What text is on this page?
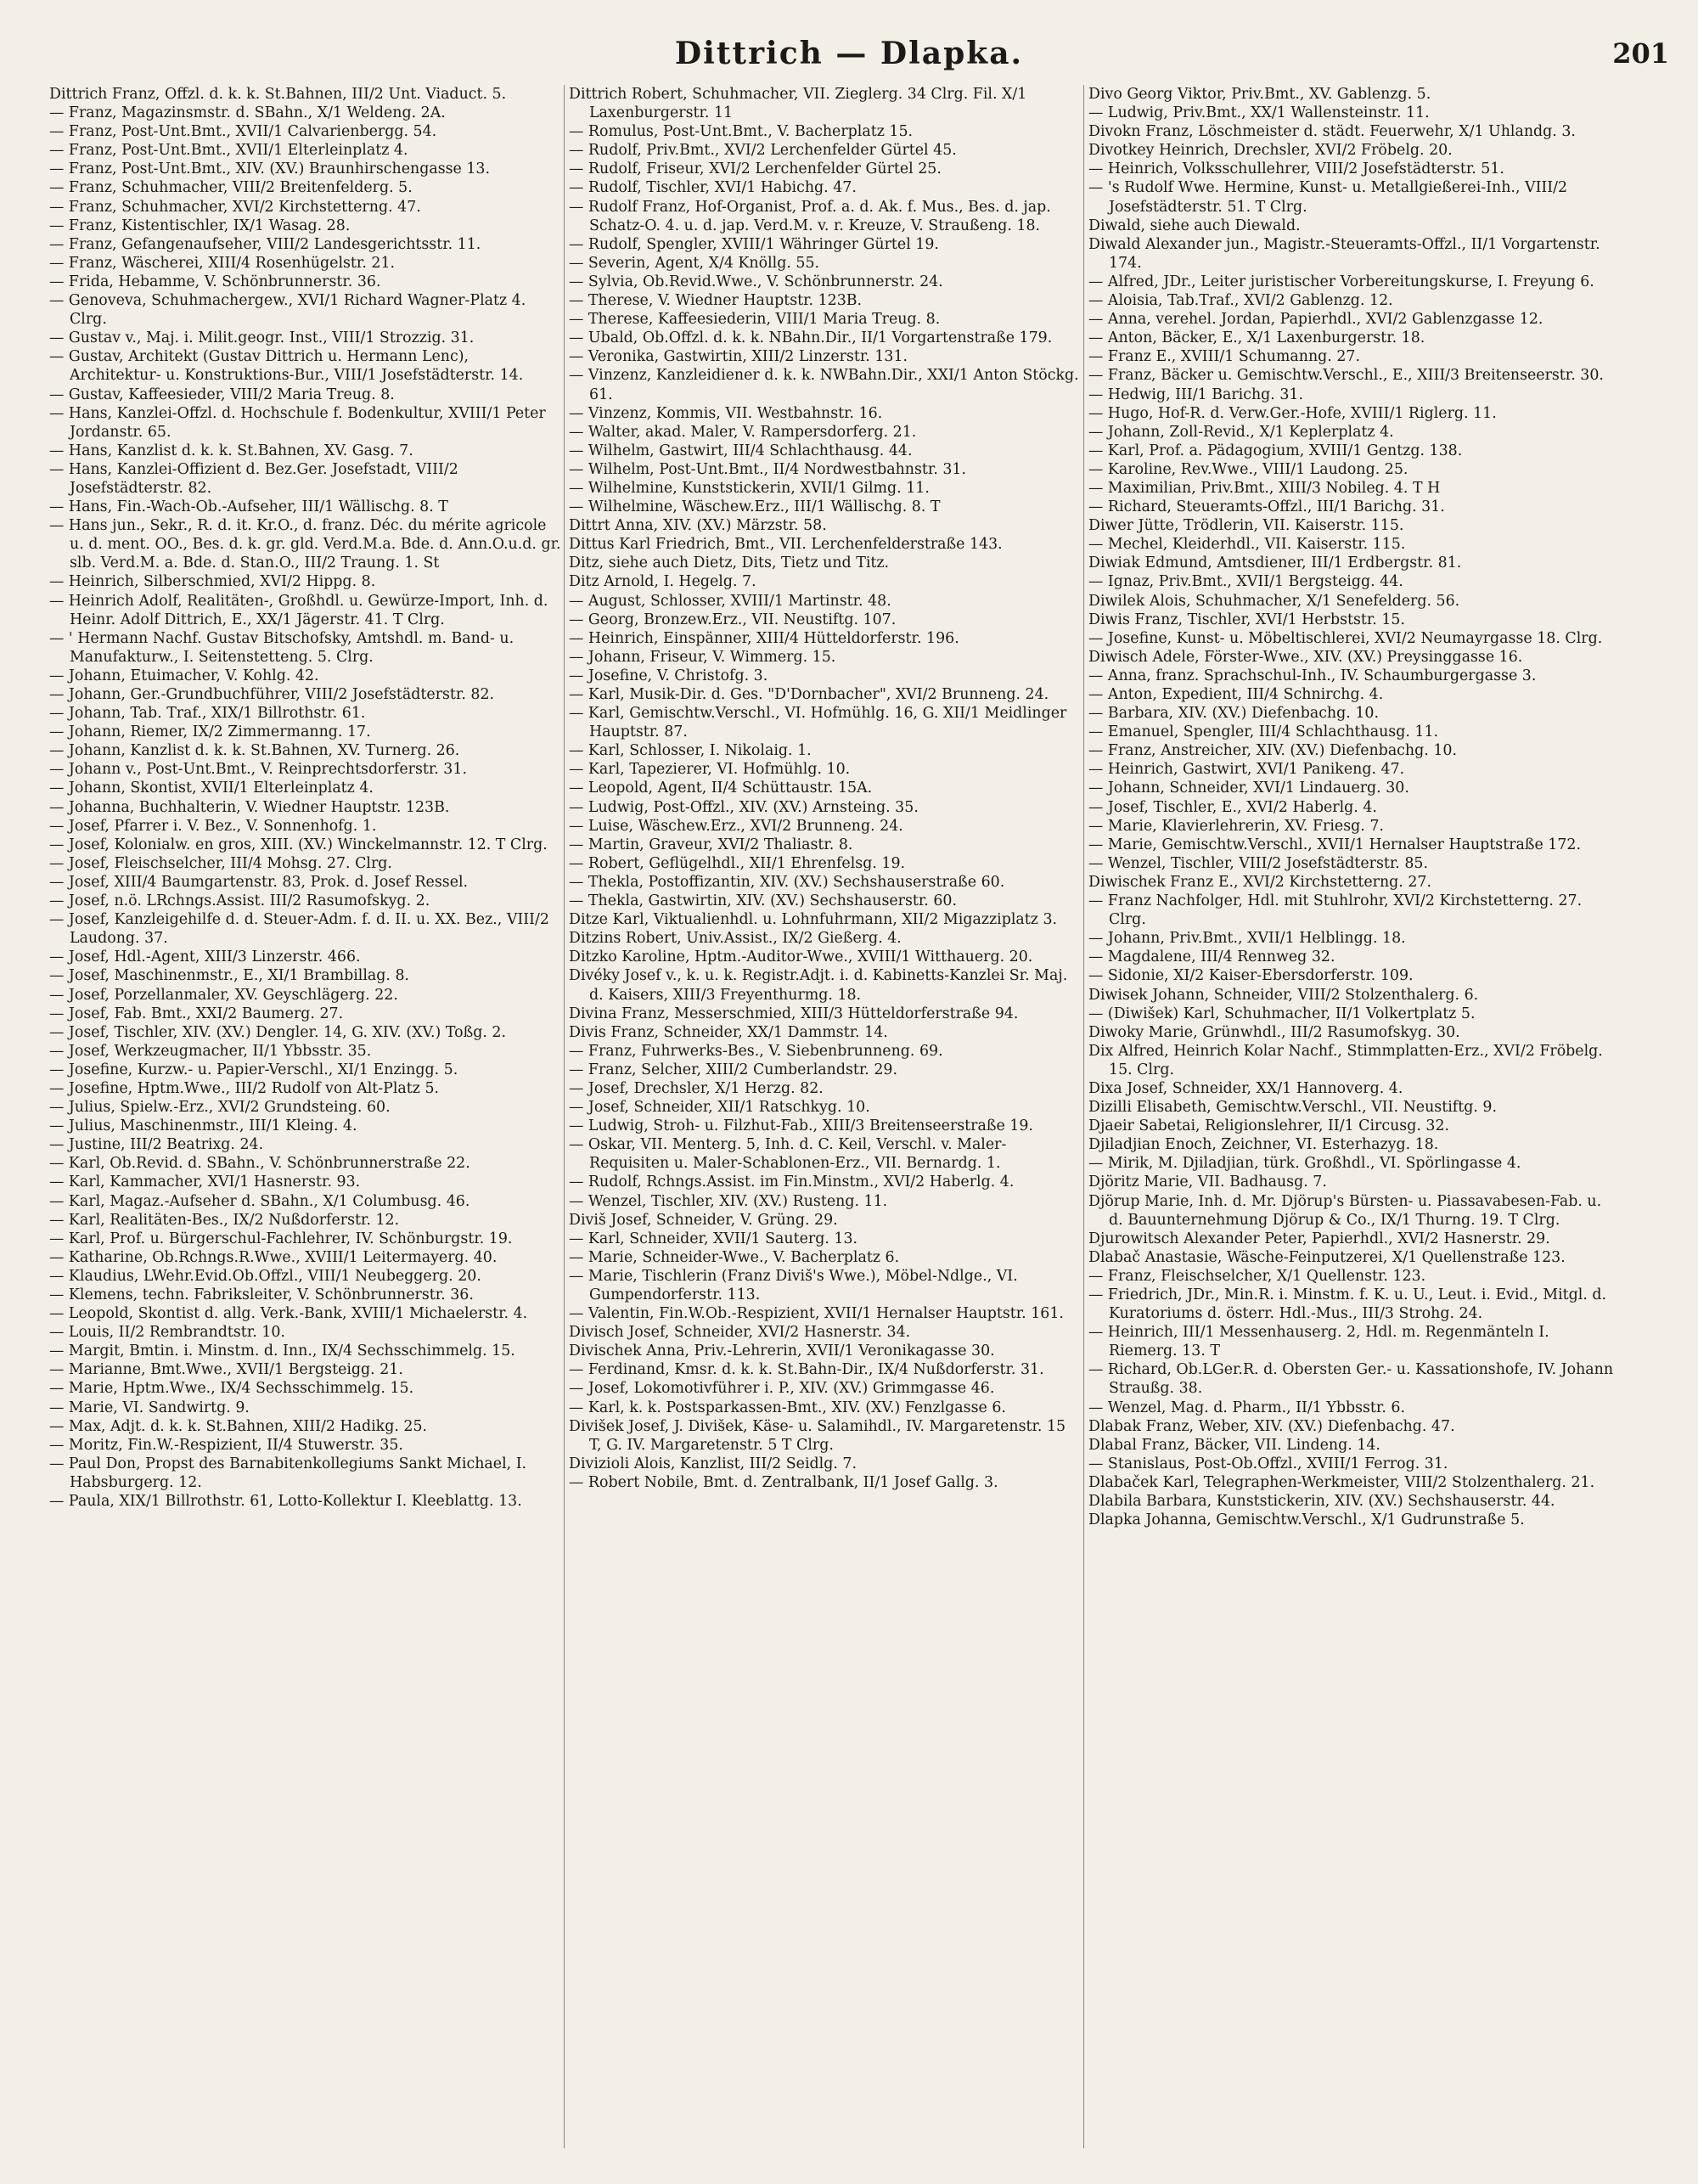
Dittrich — Dlapka.	201
Dittrich Franz, Offzl. d. k. k. St.Bahnen, III/2 Unt. Viaduct. 5.
— Franz, Magazinsmstr. d. SBahn., X/1 Weldeng. 2A.
— Franz, Post-Unt.Bmt., XVII/1 Calvarienbergg. 54.
— Franz, Post-Unt.Bmt., XVII/1 Elterleinplatz 4.
— Franz, Post-Unt.Bmt., XIV. (XV.) Braunhirschengasse 13.
— Franz, Schuhmacher, VIII/2 Breitenfelderg. 5.
— Franz, Schuhmacher, XVI/2 Kirchstetterng. 47.
— Franz, Kistentischler, IX/1 Wasag. 28.
— Franz, Gefangenaufseher, VIII/2 Landesgerichtsstr. 11.
— Franz, Wäscherei, XIII/4 Rosenhügelstr. 21.
— Frida, Hebamme, V. Schönbrunnerstr. 36.
— Genoveva, Schuhmachergew., XVI/1 Richard Wagner-Platz 4. Clrg.
— Gustav v., Maj. i. Milit.geogr. Inst., VIII/1 Strozzig. 31.
— Gustav, Architekt (Gustav Dittrich u. Hermann Lenc), Architektur- u. Konstruktions-Bur., VIII/1 Josefstädterstr. 14.
— Gustav, Kaffeesieder, VIII/2 Maria Treug. 8.
— Hans, Kanzlei-Offzl. d. Hochschule f. Bodenkultur, XVIII/1 Peter Jordanstr. 65.
— Hans, Kanzlist d. k. k. St.Bahnen, XV. Gasg. 7.
— Hans, Kanzlei-Offizient d. Bez.Ger. Josefstadt, VIII/2 Josefstädterstr. 82.
— Hans, Fin.-Wach-Ob.-Aufseher, III/1 Wällischg. 8. T
— Hans jun., Sekr., R. d. it. Kr.O., d. franz. Déc. du mérite agricole u. d. ment. OO., Bes. d. k. gr. gld. Verd.M.a. Bde. d. Ann.O.u.d. gr. slb. Verd.M. a. Bde. d. Stan.O., III/2 Traung. 1. St
— Heinrich, Silberschmied, XVI/2 Hippg. 8.
— Heinrich Adolf, Realitäten-, Großhdl. u. Gewürze-Import, Inh. d. Heinr. Adolf Dittrich, E., XX/1 Jägerstr. 41. T Clrg.
— ' Hermann Nachf. Gustav Bitschofsky, Amtshdl. m. Band- u. Manufakturw., I. Seitenstetteng. 5. Clrg.
— Johann, Etuimacher, V. Kohlg. 42.
— Johann, Ger.-Grundbuchführer, VIII/2 Josefstädterstr. 82.
— Johann, Tab. Traf., XIX/1 Billrothstr. 61.
— Johann, Riemer, IX/2 Zimmermanng. 17.
— Johann, Kanzlist d. k. k. St.Bahnen, XV. Turnerg. 26.
— Johann v., Post-Unt.Bmt., V. Reinprechtsdorferstr. 31.
— Johann, Skontist, XVII/1 Elterleinplatz 4.
— Johanna, Buchhalterin, V. Wiedner Hauptstr. 123B.
— Josef, Pfarrer i. V. Bez., V. Sonnenhofg. 1.
— Josef, Kolonialw. en gros, XIII. (XV.) Winckelmannstr. 12. T Clrg.
— Josef, Fleischselcher, III/4 Mohsg. 27. Clrg.
— Josef, XIII/4 Baumgartenstr. 83, Prok. d. Josef Ressel.
— Josef, n.ö. LRchngs.Assist. III/2 Rasumofskyg. 2.
— Josef, Kanzleigehilfe d. d. Steuer-Adm. f. d. II. u. XX. Bez., VIII/2 Laudong. 37.
— Josef, Hdl.-Agent, XIII/3 Linzerstr. 466.
— Josef, Maschinenmstr., E., XI/1 Brambillag. 8.
— Josef, Porzellanmaler, XV. Geyschlägerg. 22.
— Josef, Fab. Bmt., XXI/2 Baumerg. 27.
— Josef, Tischler, XIV. (XV.) Dengler. 14, G. XIV. (XV.) Toßg. 2.
— Josef, Werkzeugmacher, II/1 Ybbsstr. 35.
— Josefine, Kurzw.- u. Papier-Verschl., XI/1 Enzingg. 5.
— Josefine, Hptm.Wwe., III/2 Rudolf von Alt-Platz 5.
— Julius, Spielw.-Erz., XVI/2 Grundsteing. 60.
— Julius, Maschinenmstr., III/1 Kleing. 4.
— Justine, III/2 Beatrixg. 24.
— Karl, Ob.Revid. d. SBahn., V. Schönbrunnerstraße 22.
— Karl, Kammacher, XVI/1 Hasnerstr. 93.
— Karl, Magaz.-Aufseher d. SBahn., X/1 Columbusg. 46.
— Karl, Realitäten-Bes., IX/2 Nußdorferstr. 12.
— Karl, Prof. u. Bürgerschul-Fachlehrer, IV. Schönburgstr. 19.
— Katharine, Ob.Rchngs.R.Wwe., XVIII/1 Leitermayerg. 40.
— Klaudius, LWehr.Evid.Ob.Offzl., VIII/1 Neubeggerg. 20.
— Klemens, techn. Fabriksleiter, V. Schönbrunnerstr. 36.
— Leopold, Skontist d. allg. Verk.-Bank, XVIII/1 Michaelerstr. 4.
— Louis, II/2 Rembrandtstr. 10.
— Margit, Bmtin. i. Minstm. d. Inn., IX/4 Sechsschimmelg. 15.
— Marianne, Bmt.Wwe., XVII/1 Bergsteigg. 21.
— Marie, Hptm.Wwe., IX/4 Sechsschimmelg. 15.
— Marie, VI. Sandwirtg. 9.
— Max, Adjt. d. k. k. St.Bahnen, XIII/2 Hadikg. 25.
— Moritz, Fin.W.-Respizient, II/4 Stuwerstr. 35.
— Paul Don, Propst des Barnabitenkollegiums Sankt Michael, I. Habsburgerg. 12.
— Paula, XIX/1 Billrothstr. 61, Lotto-Kollektur I. Kleeblattg. 13.
Dittrich Robert, Schuhmacher, VII. Zieglerg. 34 Clrg. Fil. X/1 Laxenburgerstr. 11
— Romulus, Post-Unt.Bmt., V. Bacherplatz 15.
— Rudolf, Priv.Bmt., XVI/2 Lerchenfelder Gürtel 45.
— Rudolf, Friseur, XVI/2 Lerchenfelder Gürtel 25.
— Rudolf, Tischler, XVI/1 Habichg. 47.
— Rudolf Franz, Hof-Organist, Prof. a. d. Ak. f. Mus., Bes. d. jap. Schatz-O. 4. u. d. jap. Verd.M. v. r. Kreuze, V. Straußeng. 18.
— Rudolf, Spengler, XVIII/1 Währinger Gürtel 19.
— Severin, Agent, X/4 Knöllg. 55.
— Sylvia, Ob.Revid.Wwe., V. Schönbrunnerstr. 24.
— Therese, V. Wiedner Hauptstr. 123B.
— Therese, Kaffeesiederin, VIII/1 Maria Treug. 8.
— Ubald, Ob.Offzl. d. k. k. NBahn.Dir., II/1 Vorgartenstraße 179.
— Veronika, Gastwirtin, XIII/2 Linzerstr. 131.
— Vinzenz, Kanzleidiener d. k. k. NWBahn.Dir., XXI/1 Anton Stöckg. 61.
— Vinzenz, Kommis, VII. Westbahnstr. 16.
— Walter, akad. Maler, V. Rampersdorferg. 21.
— Wilhelm, Gastwirt, III/4 Schlachthausg. 44.
— Wilhelm, Post-Unt.Bmt., II/4 Nordwestbahnstr. 31.
— Wilhelmine, Kunststickerin, XVII/1 Gilmg. 11.
— Wilhelmine, Wäschew.Erz., III/1 Wällischg. 8. T
Dittrt Anna, XIV. (XV.) Märzstr. 58.
Dittus Karl Friedrich, Bmt., VII. Lerchenfelderstraße 143.
Ditz, siehe auch Dietz, Dits, Tietz und Titz.
Ditz Arnold, I. Hegelg. 7.
— August, Schlosser, XVIII/1 Martinstr. 48.
— Georg, Bronzew.Erz., VII. Neustiftg. 107.
— Heinrich, Einspänner, XIII/4 Hütteldorferstr. 196.
— Johann, Friseur, V. Wimmerg. 15.
— Josefine, V. Christofg. 3.
— Karl, Musik-Dir. d. Ges. "D'Dornbacher", XVI/2 Brunneng. 24.
— Karl, Gemischtw.Verschl., VI. Hofmühlg. 16, G. XII/1 Meidlinger Hauptstr. 87.
— Karl, Schlosser, I. Nikolaig. 1.
— Karl, Tapezierer, VI. Hofmühlg. 10.
— Leopold, Agent, II/4 Schüttaustr. 15A.
— Ludwig, Post-Offzl., XIV. (XV.) Arnsteing. 35.
— Luise, Wäschew.Erz., XVI/2 Brunneng. 24.
— Martin, Graveur, XVI/2 Thaliastr. 8.
— Robert, Geflügelhdl., XII/1 Ehrenfelsg. 19.
— Thekla, Postoffizantin, XIV. (XV.) Sechshauserstraße 60.
— Thekla, Gastwirtin, XIV. (XV.) Sechshauserstr. 60.
Ditze Karl, Viktualienhdl. u. Lohnfuhrmann, XII/2 Migazziplatz 3.
Ditzins Robert, Univ.Assist., IX/2 Gießerg. 4.
Ditzko Karoline, Hptm.-Auditor-Wwe., XVIII/1 Witthauerg. 20.
Divéky Josef v., k. u. k. Registr.Adjt. i. d. Kabinetts-Kanzlei Sr. Maj. d. Kaisers, XIII/3 Freyenthurmg. 18.
Divina Franz, Messerschmied, XIII/3 Hütteldorferstraße 94.
Divis Franz, Schneider, XX/1 Dammstr. 14.
— Franz, Fuhrwerks-Bes., V. Siebenbrunneng. 69.
— Franz, Selcher, XIII/2 Cumberlandstr. 29.
— Josef, Drechsler, X/1 Herzg. 82.
— Josef, Schneider, XII/1 Ratschkyg. 10.
— Ludwig, Stroh- u. Filzhut-Fab., XIII/3 Breitenseerstraße 19.
— Oskar, VII. Menterg. 5, Inh. d. C. Keil, Verschl. v. Maler-Requisiten u. Maler-Schablonen-Erz., VII. Bernardg. 1.
— Rudolf, Rchngs.Assist. im Fin.Minstm., XVI/2 Haberlg. 4.
— Wenzel, Tischler, XIV. (XV.) Rusteng. 11.
Diviš Josef, Schneider, V. Grüng. 29.
— Karl, Schneider, XVII/1 Sauterg. 13.
— Marie, Schneider-Wwe., V. Bacherplatz 6.
— Marie, Tischlerin (Franz Diviš's Wwe.), Möbel-Ndlge., VI. Gumpendorferstr. 113.
— Valentin, Fin.W.Ob.-Respizient, XVII/1 Hernalser Hauptstr. 161.
Divisch Josef, Schneider, XVI/2 Hasnerstr. 34.
Divischek Anna, Priv.-Lehrerin, XVII/1 Veronikagasse 30.
— Ferdinand, Kmsr. d. k. k. St.Bahn-Dir., IX/4 Nußdorferstr. 31.
— Josef, Lokomotivführer i. P., XIV. (XV.) Grimmgasse 46.
— Karl, k. k. Postsparkassen-Bmt., XIV. (XV.) Fenzlgasse 6.
Divišek Josef, J. Divišek, Käse- u. Salamihdl., IV. Margaretenstr. 15 T, G. IV. Margaretenstr. 5 T Clrg.
Divizioli Alois, Kanzlist, III/2 Seidlg. 7.
— Robert Nobile, Bmt. d. Zentralbank, II/1 Josef Gallg. 3.
Divo Georg Viktor, Priv.Bmt., XV. Gablenzg. 5.
— Ludwig, Priv.Bmt., XX/1 Wallensteinstr. 11.
Divokn Franz, Löschmeister d. städt. Feuerwehr, X/1 Uhlandg. 3.
Divotkey Heinrich, Drechsler, XVI/2 Fröbelg. 20.
— Heinrich, Volksschullehrer, VIII/2 Josefstädterstr. 51.
— 's Rudolf Wwe. Hermine, Kunst- u. Metallgießerei-Inh., VIII/2 Josefstädterstr. 51. T Clrg.
Diwald, siehe auch Diewald.
Diwald Alexander jun., Magistr.-Steueramts-Offzl., II/1 Vorgartenstr. 174.
— Alfred, JDr., Leiter juristischer Vorbereitungskurse, I. Freyung 6.
— Aloisia, Tab.Traf., XVI/2 Gablenzg. 12.
— Anna, verehel. Jordan, Papierhdl., XVI/2 Gablenzgasse 12.
— Anton, Bäcker, E., X/1 Laxenburgerstr. 18.
— Franz E., XVIII/1 Schumanng. 27.
— Franz, Bäcker u. Gemischtw.Verschl., E., XIII/3 Breitenseerstr. 30.
— Hedwig, III/1 Barichg. 31.
— Hugo, Hof-R. d. Verw.Ger.-Hofe, XVIII/1 Riglerg. 11.
— Johann, Zoll-Revid., X/1 Keplerplatz 4.
— Karl, Prof. a. Pädagogium, XVIII/1 Gentzg. 138.
— Karoline, Rev.Wwe., VIII/1 Laudong. 25.
— Maximilian, Priv.Bmt., XIII/3 Nobileg. 4. T H
— Richard, Steueramts-Offzl., III/1 Barichg. 31.
Diwer Jütte, Trödlerin, VII. Kaiserstr. 115.
— Mechel, Kleiderhdl., VII. Kaiserstr. 115.
Diwiak Edmund, Amtsdiener, III/1 Erdbergstr. 81.
— Ignaz, Priv.Bmt., XVII/1 Bergsteigg. 44.
Diwilek Alois, Schuhmacher, X/1 Senefelderg. 56.
Diwis Franz, Tischler, XVI/1 Herbststr. 15.
— Josefine, Kunst- u. Möbeltischlerei, XVI/2 Neumayrgasse 18. Clrg.
Diwisch Adele, Förster-Wwe., XIV. (XV.) Preysinggasse 16.
— Anna, franz. Sprachschul-Inh., IV. Schaumburgergasse 3.
— Anton, Expedient, III/4 Schnirchg. 4.
— Barbara, XIV. (XV.) Diefenbachg. 10.
— Emanuel, Spengler, III/4 Schlachthausg. 11.
— Franz, Anstreicher, XIV. (XV.) Diefenbachg. 10.
— Heinrich, Gastwirt, XVI/1 Panikeng. 47.
— Johann, Schneider, XVI/1 Lindauerg. 30.
— Josef, Tischler, E., XVI/2 Haberlg. 4.
— Marie, Klavierlehrerin, XV. Friesg. 7.
— Marie, Gemischtw.Verschl., XVII/1 Hernalser Hauptstraße 172.
— Wenzel, Tischler, VIII/2 Josefstädterstr. 85.
Diwischek Franz E., XVI/2 Kirchstetterng. 27.
— Franz Nachfolger, Hdl. mit Stuhlrohr, XVI/2 Kirchstetterng. 27. Clrg.
— Johann, Priv.Bmt., XVII/1 Helblingg. 18.
— Magdalene, III/4 Rennweg 32.
— Sidonie, XI/2 Kaiser-Ebersdorferstr. 109.
Diwisek Johann, Schneider, VIII/2 Stolzenthalerg. 6.
— (Diwišek) Karl, Schuhmacher, II/1 Volkertplatz 5.
Diwoky Marie, Grünwhdl., III/2 Rasumofskyg. 30.
Dix Alfred, Heinrich Kolar Nachf., Stimmplatten-Erz., XVI/2 Fröbelg. 15. Clrg.
Dixa Josef, Schneider, XX/1 Hannoverg. 4.
Dizilli Elisabeth, Gemischtw.Verschl., VII. Neustiftg. 9.
Djaeir Sabetai, Religionslehrer, II/1 Circusg. 32.
Djiladjian Enoch, Zeichner, VI. Esterhazyg. 18.
— Mirik, M. Djiladjian, türk. Großhdl., VI. Spörlingasse 4.
Djöritz Marie, VII. Badhausg. 7.
Djörup Marie, Inh. d. Mr. Djörup's Bürsten- u. Piassavabesen-Fab. u. d. Bauunternehmung Djörup & Co., IX/1 Thurng. 19. T Clrg.
Djurowitsch Alexander Peter, Papierhdl., XVI/2 Hasnerstr. 29.
Dlabač Anastasie, Wäsche-Feinputzerei, X/1 Quellenstraße 123.
— Franz, Fleischselcher, X/1 Quellenstr. 123.
— Friedrich, JDr., Min.R. i. Minstm. f. K. u. U., Leut. i. Evid., Mitgl. d. Kuratoriums d. österr. Hdl.-Mus., III/3 Strohg. 24.
— Heinrich, III/1 Messenhauserg. 2, Hdl. m. Regenmänteln I. Riemerg. 13. T
— Richard, Ob.LGer.R. d. Obersten Ger.- u. Kassationshofe, IV. Johann Straußg. 38.
— Wenzel, Mag. d. Pharm., II/1 Ybbsstr. 6.
Dlabak Franz, Weber, XIV. (XV.) Diefenbachg. 47.
Dlabal Franz, Bäcker, VII. Lindeng. 14.
— Stanislaus, Post-Ob.Offzl., XVIII/1 Ferrog. 31.
Dlabaček Karl, Telegraphen-Werkmeister, VIII/2 Stolzenthalerg. 21.
Dlabila Barbara, Kunststickerin, XIV. (XV.) Sechshauserstr. 44.
Dlapka Johanna, Gemischtw.Verschl., X/1 Gudrunstraße 5.
